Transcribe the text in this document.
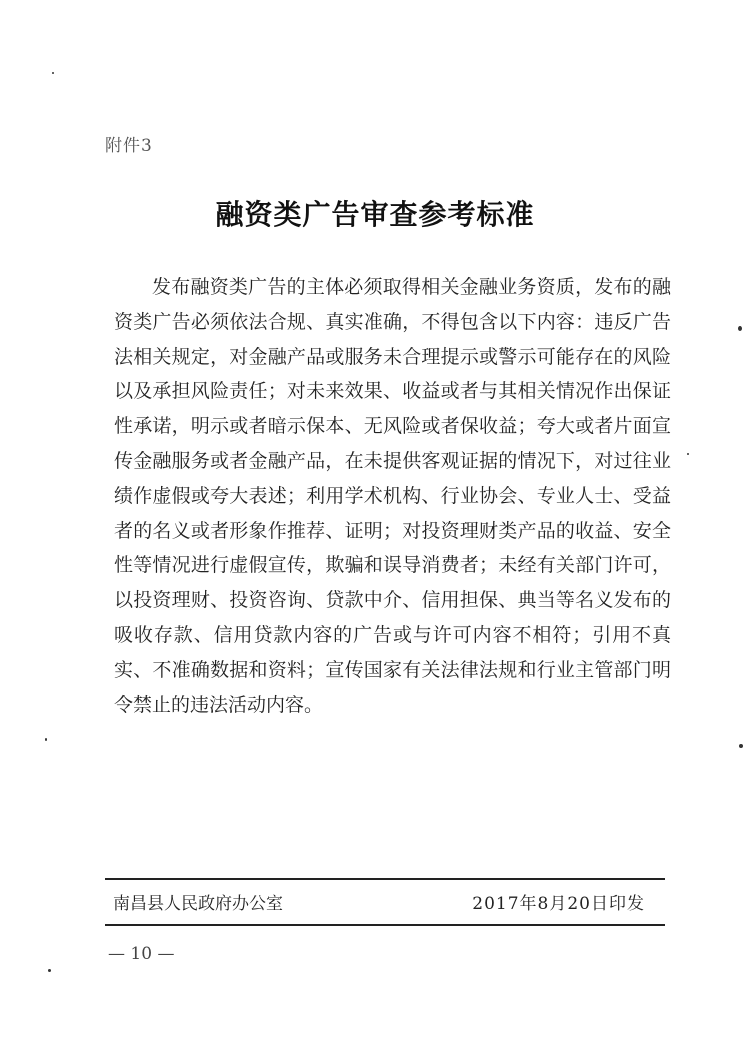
附件3
融资类广告审查参考标准
发布融资类广告的主体必须取得相关金融业务资质，发布的融资类广告必须依法合规、真实准确，不得包含以下内容：违反广告法相关规定，对金融产品或服务未合理提示或警示可能存在的风险以及承担风险责任；对未来效果、收益或者与其相关情况作出保证性承诺，明示或者暗示保本、无风险或者保收益；夸大或者片面宣传金融服务或者金融产品，在未提供客观证据的情况下，对过往业绩作虚假或夸大表述；利用学术机构、行业协会、专业人士、受益者的名义或者形象作推荐、证明；对投资理财类产品的收益、安全性等情况进行虚假宣传，欺骗和误导消费者；未经有关部门许可，以投资理财、投资咨询、贷款中介、信用担保、典当等名义发布的吸收存款、信用贷款内容的广告或与许可内容不相符；引用不真实、不准确数据和资料；宣传国家有关法律法规和行业主管部门明令禁止的违法活动内容。
南昌县人民政府办公室	2017年8月20日印发
— 10 —
